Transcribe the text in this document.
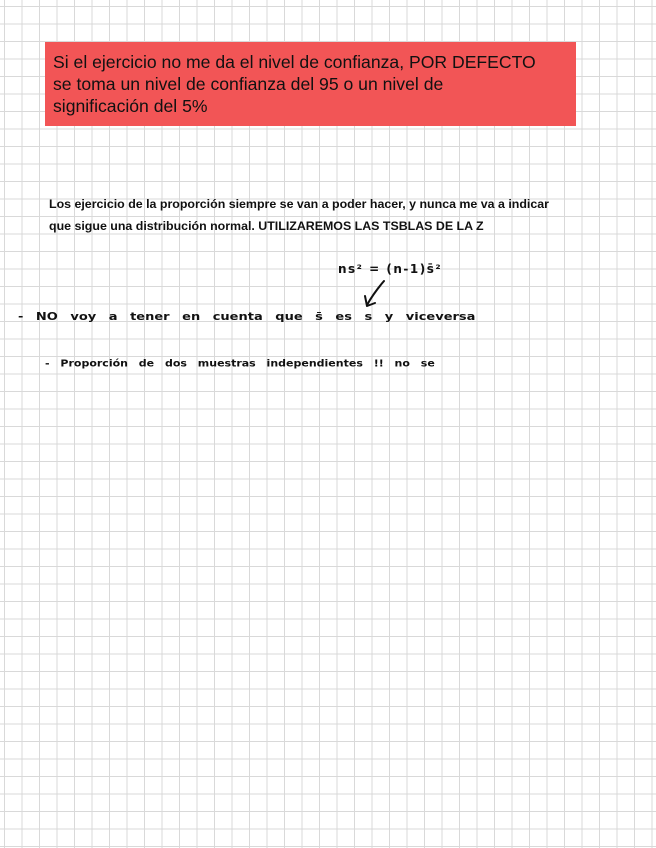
Si el ejercicio no me da el nivel de confianza, POR DEFECTO
se toma un nivel de confianza del 95 o un nivel de
significación del 5%
Los ejercicio de la proporción siempre se van a poder hacer, y nunca me va a indicar
que sigue una distribución normal. UTILIZAREMOS LAS TSBLAS DE LA Z
ns² = (n-1)s̄²
- NO voy a tener en cuenta que s̄ es s y viceversa
- Proporción de dos muestras independientes !! no se
